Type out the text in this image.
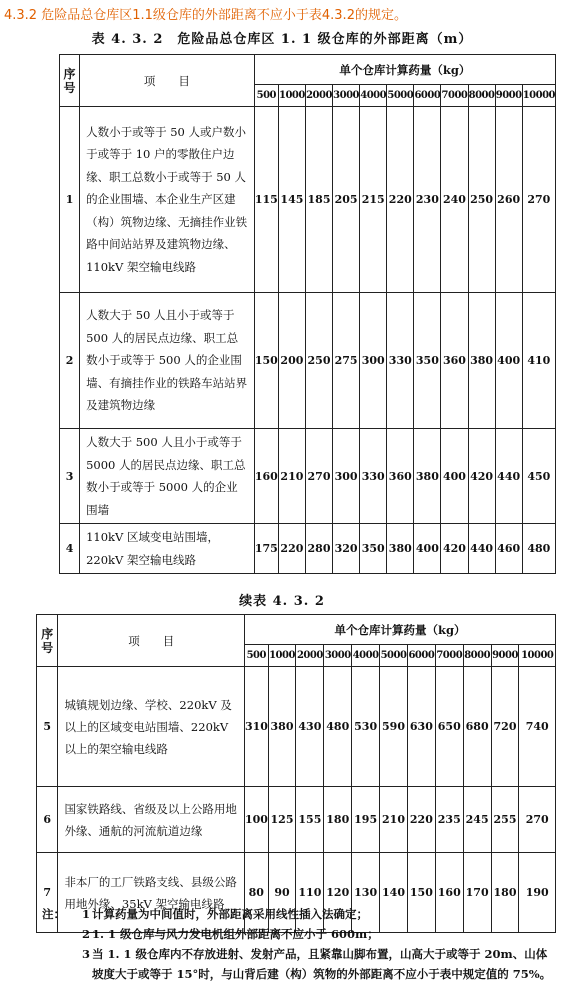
4.3.2 危险品总仓库区1.1级仓库的外部距离不应小于表4.3.2的规定。
表 4. 3. 2　危险品总仓库区 1. 1 级仓库的外部距离（m）
序号	项　　目	单个仓库计算药量（kg）										
		500	1000	2000	3000	4000	5000	6000	7000	8000	9000	10000
1	人数小于或等于 50 人或户数小于或等于 10 户的零散住户边缘、职工总数小于或等于 50 人的企业围墙、本企业生产区建（构）筑物边缘、无摘挂作业铁路中间站站界及建筑物边缘、110kV 架空输电线路	115	145	185	205	215	220	230	240	250	260	270
2	人数大于 50 人且小于或等于 500 人的居民点边缘、职工总数小于或等于 500 人的企业围墙、有摘挂作业的铁路车站站界及建筑物边缘	150	200	250	275	300	330	350	360	380	400	410
3	人数大于 500 人且小于或等于 5000 人的居民点边缘、职工总数小于或等于 5000 人的企业围墙	160	210	270	300	330	360	380	400	420	440	450
4	110kV 区域变电站围墙，220kV 架空输电线路	175	220	280	320	350	380	400	420	440	460	480
续表 4. 3. 2
序号	项　　目	单个仓库计算药量（kg）										
		500	1000	2000	3000	4000	5000	6000	7000	8000	9000	10000
5	城镇规划边缘、学校、220kV 及以上的区域变电站围墙、220kV 以上的架空输电线路	310	380	430	480	530	590	630	650	680	720	740
6	国家铁路线、省级及以上公路用地外缘、通航的河流航道边缘	100	125	155	180	195	210	220	235	245	255	270
7	非本厂的工厂铁路支线、县级公路用地外缘、35kV 架空输电线路	80	90	110	120	130	140	150	160	170	180	190
注： 1 计算药量为中间值时，外部距离采用线性插入法确定；
2 1. 1 级仓库与风力发电机组外部距离不应小于 600m；
3 当 1. 1 级仓库内不存放进射、发射产品，且紧靠山脚布置，山高大于或等于 20m、山体坡度大于或等于 15°时，与山背后建（构）筑物的外部距离不应小于表中规定值的 75%。
